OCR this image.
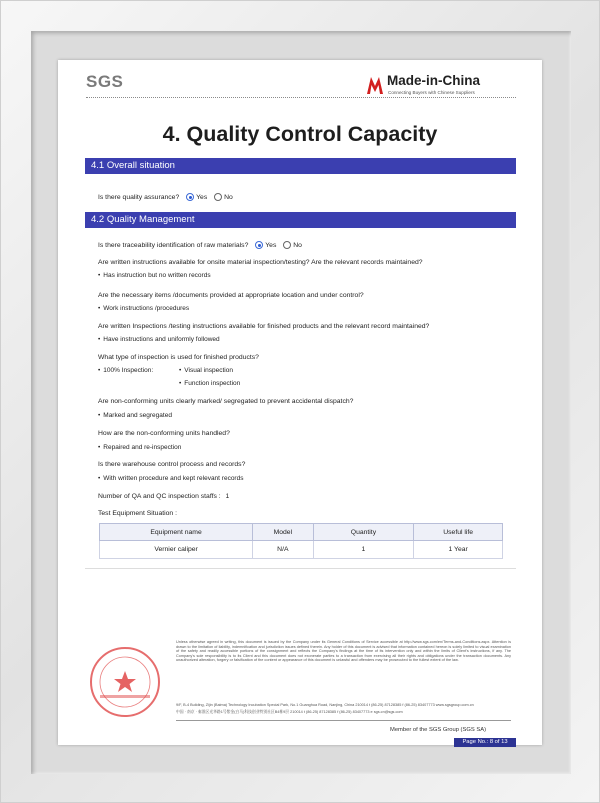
SGS	Made-in-China
Connecting Buyers with Chinese Suppliers
4. Quality Control Capacity
4.1 Overall situation
Is there quality assurance? Yes No
4.2 Quality Management
Is there traceability identification of raw materials? Yes No
Are written instructions available for onsite material inspection/testing? Are the relevant records maintained?
• Has instruction but no written records
Are the necessary items /documents provided at appropriate location and under control?
• Work instructions /procedures
Are written Inspections /testing instructions available for finished products and the relevant record maintained?
• Have instructions and uniformly followed
What type of inspection is used for finished products?
• 100% Inspection:	• Visual inspection
• Function inspection
Are non-conforming units clearly marked/ segregated to prevent accidental dispatch?
• Marked and segregated
How are the non-conforming units handled?
• Repaired and re-inspection
Is there warehouse control process and records?
• With written procedure and kept relevant records
Number of QA and QC inspection staffs : 1
Test Equipment Situation :
Equipment name	Model	Quantity	Useful life
Vernier caliper	N/A	1	1 Year
Unless otherwise agreed in writing, this document is issued by the Company under its General Conditions of Service accessible at http://www.sgs.com/en/Terms-and-Conditions.aspx. Attention is drawn to the limitation of liability, indemnification and jurisdiction issues defined therein. Any holder of this document is advised that information contained hereon is solely limited to visual examination of the safety and readily accessible portions of the consignment and reflects the Company's findings at the time of its intervention only and within the limits of Client's instructions, if any. The Company's sole responsibility is to its Client and this document does not exonerate parties to a transaction from exercising all their rights and obligations under the transaction documents. Any unauthorized alteration, forgery or falsification of the content or appearance of this document is unlawful and offenders may be prosecuted to the fullest extent of the law.
9/F, B-4 Building, Zijin (Baima) Technology Incubation Special Park, No.1 Guanghua Road, Nanjing, China 210014 t (86-25) 87128385 f (86-25) 83407773 www.sgsgroup.com.cn
中国 · 南京 · 秦淮区光华路1号紫金(白马)科技创业特别社区B4栋9层 210014 t (86-25) 87128385 f (86-25) 83407773 e sgs.cn@sgs.com
Member of the SGS Group (SGS SA)
Page No.: 8 of 13
